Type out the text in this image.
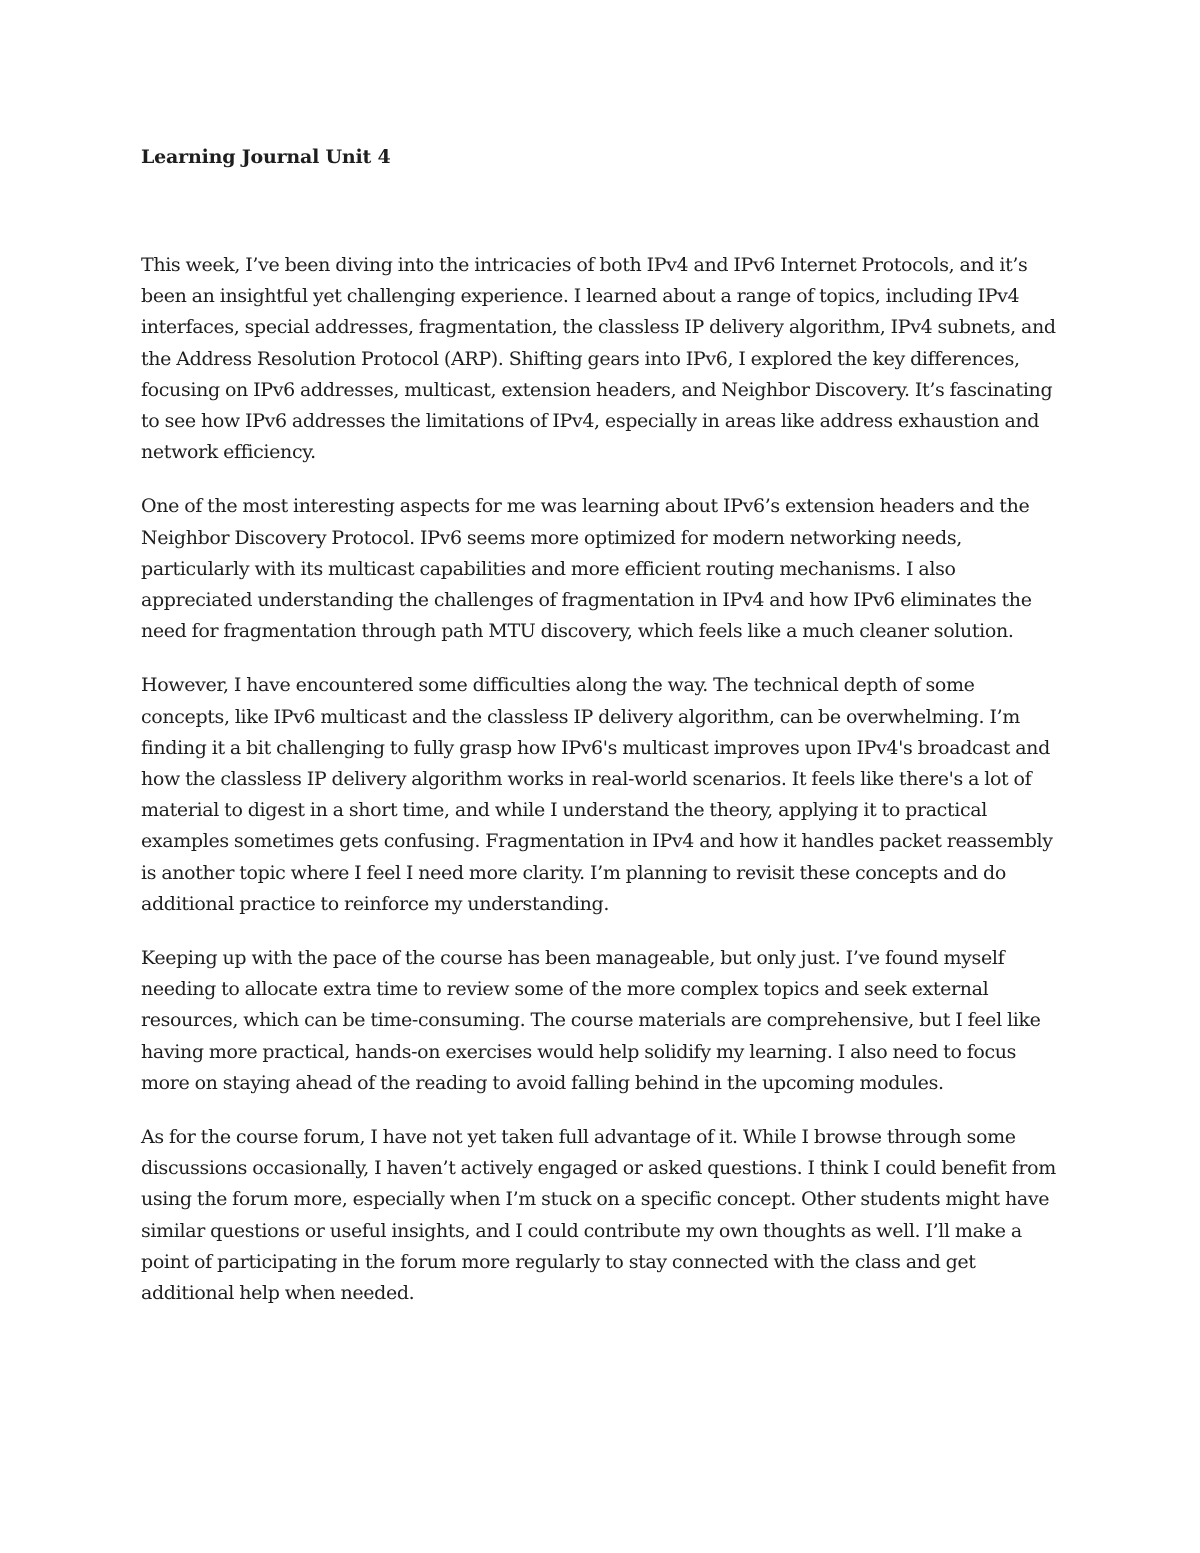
Learning Journal Unit 4

This week, I’ve been diving into the intricacies of both IPv4 and IPv6 Internet Protocols, and it’s been an insightful yet challenging experience. I learned about a range of topics, including IPv4 interfaces, special addresses, fragmentation, the classless IP delivery algorithm, IPv4 subnets, and the Address Resolution Protocol (ARP). Shifting gears into IPv6, I explored the key differences, focusing on IPv6 addresses, multicast, extension headers, and Neighbor Discovery. It’s fascinating to see how IPv6 addresses the limitations of IPv4, especially in areas like address exhaustion and network efficiency.

One of the most interesting aspects for me was learning about IPv6’s extension headers and the Neighbor Discovery Protocol. IPv6 seems more optimized for modern networking needs, particularly with its multicast capabilities and more efficient routing mechanisms. I also appreciated understanding the challenges of fragmentation in IPv4 and how IPv6 eliminates the need for fragmentation through path MTU discovery, which feels like a much cleaner solution.

However, I have encountered some difficulties along the way. The technical depth of some concepts, like IPv6 multicast and the classless IP delivery algorithm, can be overwhelming. I’m finding it a bit challenging to fully grasp how IPv6's multicast improves upon IPv4's broadcast and how the classless IP delivery algorithm works in real-world scenarios. It feels like there's a lot of material to digest in a short time, and while I understand the theory, applying it to practical examples sometimes gets confusing. Fragmentation in IPv4 and how it handles packet reassembly is another topic where I feel I need more clarity. I’m planning to revisit these concepts and do additional practice to reinforce my understanding.

Keeping up with the pace of the course has been manageable, but only just. I’ve found myself needing to allocate extra time to review some of the more complex topics and seek external resources, which can be time-consuming. The course materials are comprehensive, but I feel like having more practical, hands-on exercises would help solidify my learning. I also need to focus more on staying ahead of the reading to avoid falling behind in the upcoming modules.

As for the course forum, I have not yet taken full advantage of it. While I browse through some discussions occasionally, I haven’t actively engaged or asked questions. I think I could benefit from using the forum more, especially when I’m stuck on a specific concept. Other students might have similar questions or useful insights, and I could contribute my own thoughts as well. I’ll make a point of participating in the forum more regularly to stay connected with the class and get additional help when needed.
